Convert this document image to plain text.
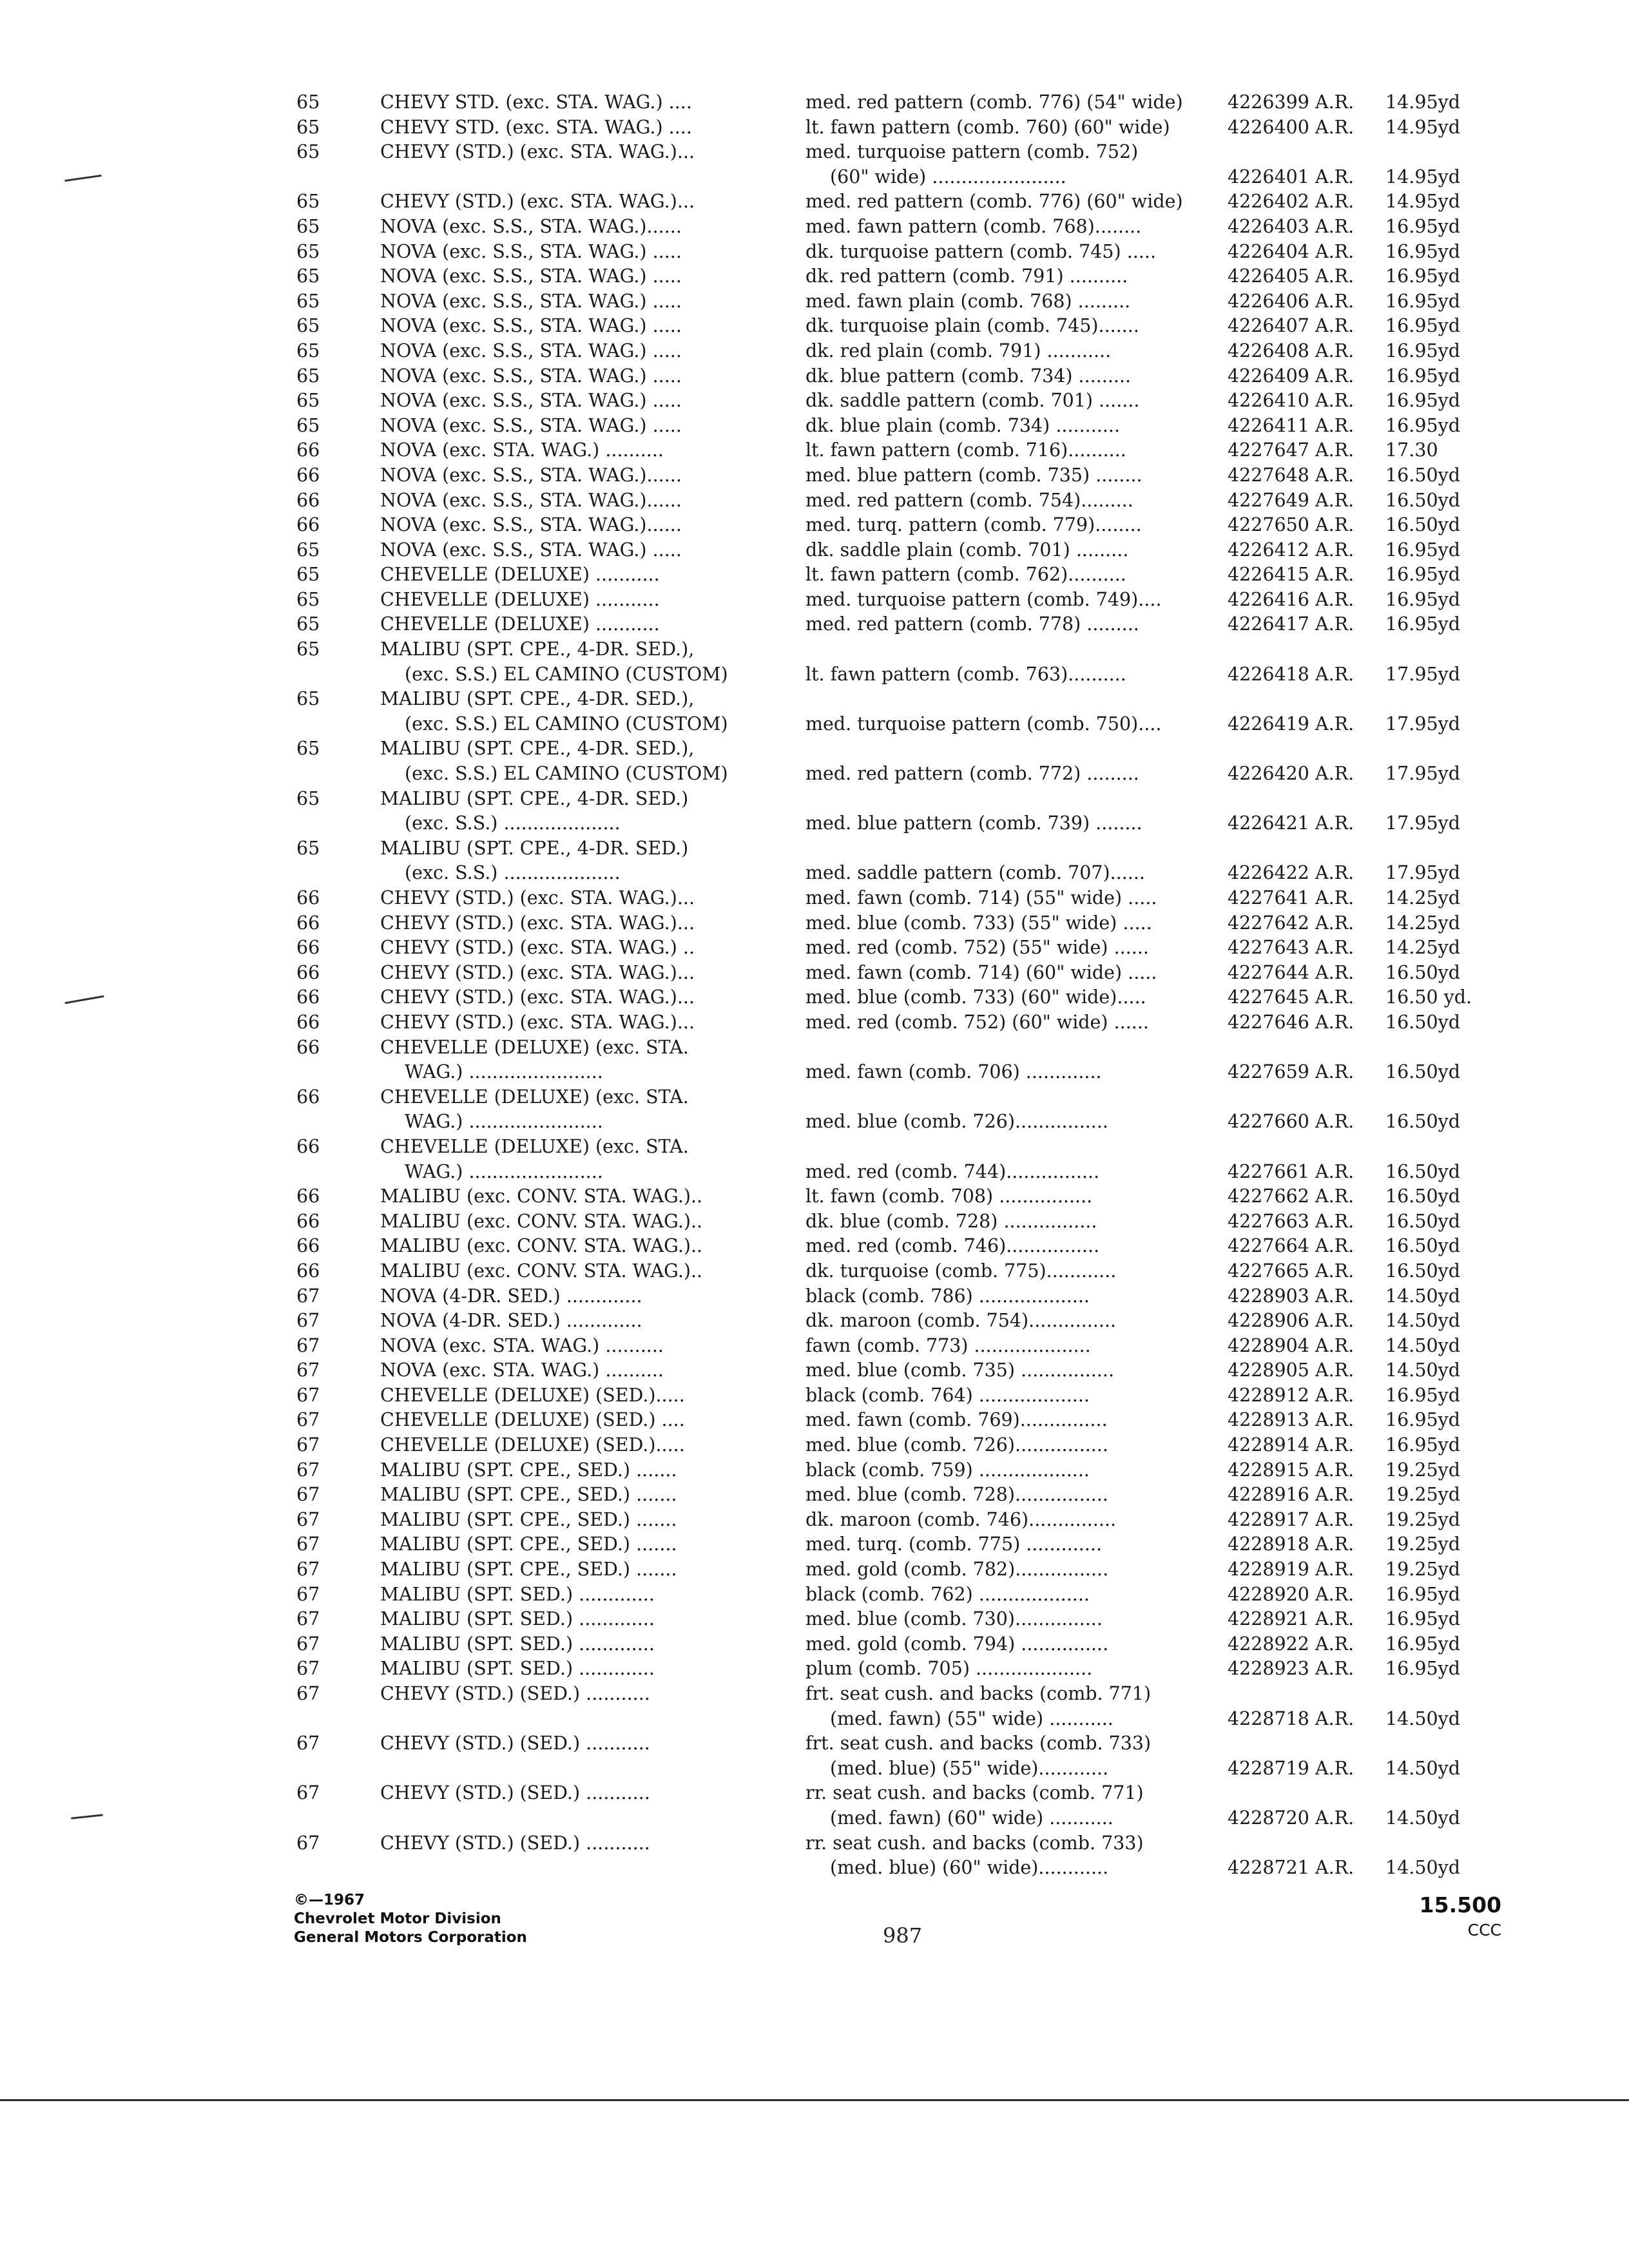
65	CHEVY STD. (exc. STA. WAG.) ....	med. red pattern (comb. 776) (54" wide)	4226399 A.R.	14.95yd

65	CHEVY STD. (exc. STA. WAG.) ....	lt. fawn pattern (comb. 760) (60" wide)	4226400 A.R.	14.95yd

65	CHEVY (STD.) (exc. STA. WAG.)...	med. turquoise pattern (comb. 752)
(60" wide) .......................	4226401 A.R.	14.95yd

65	CHEVY (STD.) (exc. STA. WAG.)...	med. red pattern (comb. 776) (60" wide)	4226402 A.R.	14.95yd

65	NOVA (exc. S.S., STA. WAG.)......	med. fawn pattern (comb. 768)........	4226403 A.R.	16.95yd

65	NOVA (exc. S.S., STA. WAG.) .....	dk. turquoise pattern (comb. 745) .....	4226404 A.R.	16.95yd

65	NOVA (exc. S.S., STA. WAG.) .....	dk. red pattern (comb. 791) ..........	4226405 A.R.	16.95yd

65	NOVA (exc. S.S., STA. WAG.) .....	med. fawn plain (comb. 768) .........	4226406 A.R.	16.95yd

65	NOVA (exc. S.S., STA. WAG.) .....	dk. turquoise plain (comb. 745).......	4226407 A.R.	16.95yd

65	NOVA (exc. S.S., STA. WAG.) .....	dk. red plain (comb. 791) ...........	4226408 A.R.	16.95yd

65	NOVA (exc. S.S., STA. WAG.) .....	dk. blue pattern (comb. 734) .........	4226409 A.R.	16.95yd

65	NOVA (exc. S.S., STA. WAG.) .....	dk. saddle pattern (comb. 701) .......	4226410 A.R.	16.95yd

65	NOVA (exc. S.S., STA. WAG.) .....	dk. blue plain (comb. 734) ...........	4226411 A.R.	16.95yd

66	NOVA (exc. STA. WAG.) ..........	lt. fawn pattern (comb. 716)..........	4227647 A.R.	17.30

66	NOVA (exc. S.S., STA. WAG.)......	med. blue pattern (comb. 735) ........	4227648 A.R.	16.50yd

66	NOVA (exc. S.S., STA. WAG.)......	med. red pattern (comb. 754).........	4227649 A.R.	16.50yd

66	NOVA (exc. S.S., STA. WAG.)......	med. turq. pattern (comb. 779)........	4227650 A.R.	16.50yd

65	NOVA (exc. S.S., STA. WAG.) .....	dk. saddle plain (comb. 701) .........	4226412 A.R.	16.95yd

65	CHEVELLE (DELUXE) ...........	lt. fawn pattern (comb. 762)..........	4226415 A.R.	16.95yd

65	CHEVELLE (DELUXE) ...........	med. turquoise pattern (comb. 749)....	4226416 A.R.	16.95yd

65	CHEVELLE (DELUXE) ...........	med. red pattern (comb. 778) .........	4226417 A.R.	16.95yd

65	MALIBU (SPT. CPE., 4-DR. SED.),
(exc. S.S.) EL CAMINO (CUSTOM)	lt. fawn pattern (comb. 763)..........	4226418 A.R.	17.95yd

65	MALIBU (SPT. CPE., 4-DR. SED.),
(exc. S.S.) EL CAMINO (CUSTOM)	med. turquoise pattern (comb. 750)....	4226419 A.R.	17.95yd

65	MALIBU (SPT. CPE., 4-DR. SED.),
(exc. S.S.) EL CAMINO (CUSTOM)	med. red pattern (comb. 772) .........	4226420 A.R.	17.95yd

65	MALIBU (SPT. CPE., 4-DR. SED.)
(exc. S.S.) ....................	med. blue pattern (comb. 739) ........	4226421 A.R.	17.95yd

65	MALIBU (SPT. CPE., 4-DR. SED.)
(exc. S.S.) ....................	med. saddle pattern (comb. 707)......	4226422 A.R.	17.95yd

66	CHEVY (STD.) (exc. STA. WAG.)...	med. fawn (comb. 714) (55" wide) .....	4227641 A.R.	14.25yd

66	CHEVY (STD.) (exc. STA. WAG.)...	med. blue (comb. 733) (55" wide) .....	4227642 A.R.	14.25yd

66	CHEVY (STD.) (exc. STA. WAG.) ..	med. red (comb. 752) (55" wide) ......	4227643 A.R.	14.25yd

66	CHEVY (STD.) (exc. STA. WAG.)...	med. fawn (comb. 714) (60" wide) .....	4227644 A.R.	16.50yd

66	CHEVY (STD.) (exc. STA. WAG.)...	med. blue (comb. 733) (60" wide).....	4227645 A.R.	16.50 yd.

66	CHEVY (STD.) (exc. STA. WAG.)...	med. red (comb. 752) (60" wide) ......	4227646 A.R.	16.50yd

66	CHEVELLE (DELUXE) (exc. STA.
WAG.) .......................	med. fawn (comb. 706) .............	4227659 A.R.	16.50yd

66	CHEVELLE (DELUXE) (exc. STA.
WAG.) .......................	med. blue (comb. 726)................	4227660 A.R.	16.50yd

66	CHEVELLE (DELUXE) (exc. STA.
WAG.) .......................	med. red (comb. 744)................	4227661 A.R.	16.50yd

66	MALIBU (exc. CONV. STA. WAG.)..	lt. fawn (comb. 708) ................	4227662 A.R.	16.50yd

66	MALIBU (exc. CONV. STA. WAG.)..	dk. blue (comb. 728) ................	4227663 A.R.	16.50yd

66	MALIBU (exc. CONV. STA. WAG.)..	med. red (comb. 746)................	4227664 A.R.	16.50yd

66	MALIBU (exc. CONV. STA. WAG.)..	dk. turquoise (comb. 775)............	4227665 A.R.	16.50yd

67	NOVA (4-DR. SED.) .............	black (comb. 786) ...................	4228903 A.R.	14.50yd

67	NOVA (4-DR. SED.) .............	dk. maroon (comb. 754)...............	4228906 A.R.	14.50yd

67	NOVA (exc. STA. WAG.) ..........	fawn (comb. 773) ....................	4228904 A.R.	14.50yd

67	NOVA (exc. STA. WAG.) ..........	med. blue (comb. 735) ................	4228905 A.R.	14.50yd

67	CHEVELLE (DELUXE) (SED.).....	black (comb. 764) ...................	4228912 A.R.	16.95yd

67	CHEVELLE (DELUXE) (SED.) ....	med. fawn (comb. 769)...............	4228913 A.R.	16.95yd

67	CHEVELLE (DELUXE) (SED.).....	med. blue (comb. 726)................	4228914 A.R.	16.95yd

67	MALIBU (SPT. CPE., SED.) .......	black (comb. 759) ...................	4228915 A.R.	19.25yd

67	MALIBU (SPT. CPE., SED.) .......	med. blue (comb. 728)................	4228916 A.R.	19.25yd

67	MALIBU (SPT. CPE., SED.) .......	dk. maroon (comb. 746)...............	4228917 A.R.	19.25yd

67	MALIBU (SPT. CPE., SED.) .......	med. turq. (comb. 775) .............	4228918 A.R.	19.25yd

67	MALIBU (SPT. CPE., SED.) .......	med. gold (comb. 782)................	4228919 A.R.	19.25yd

67	MALIBU (SPT. SED.) .............	black (comb. 762) ...................	4228920 A.R.	16.95yd

67	MALIBU (SPT. SED.) .............	med. blue (comb. 730)...............	4228921 A.R.	16.95yd

67	MALIBU (SPT. SED.) .............	med. gold (comb. 794) ...............	4228922 A.R.	16.95yd

67	MALIBU (SPT. SED.) .............	plum (comb. 705) ....................	4228923 A.R.	16.95yd

67	CHEVY (STD.) (SED.) ...........	frt. seat cush. and backs (comb. 771)
(med. fawn) (55" wide) ...........	4228718 A.R.	14.50yd

67	CHEVY (STD.) (SED.) ...........	frt. seat cush. and backs (comb. 733)
(med. blue) (55" wide)............	4228719 A.R.	14.50yd

67	CHEVY (STD.) (SED.) ...........	rr. seat cush. and backs (comb. 771)
(med. fawn) (60" wide) ...........	4228720 A.R.	14.50yd

67	CHEVY (STD.) (SED.) ...........	rr. seat cush. and backs (comb. 733)
(med. blue) (60" wide)............	4228721 A.R.	14.50yd
©—1967
Chevrolet Motor Division
General Motors Corporation	987
15.500
CCC
